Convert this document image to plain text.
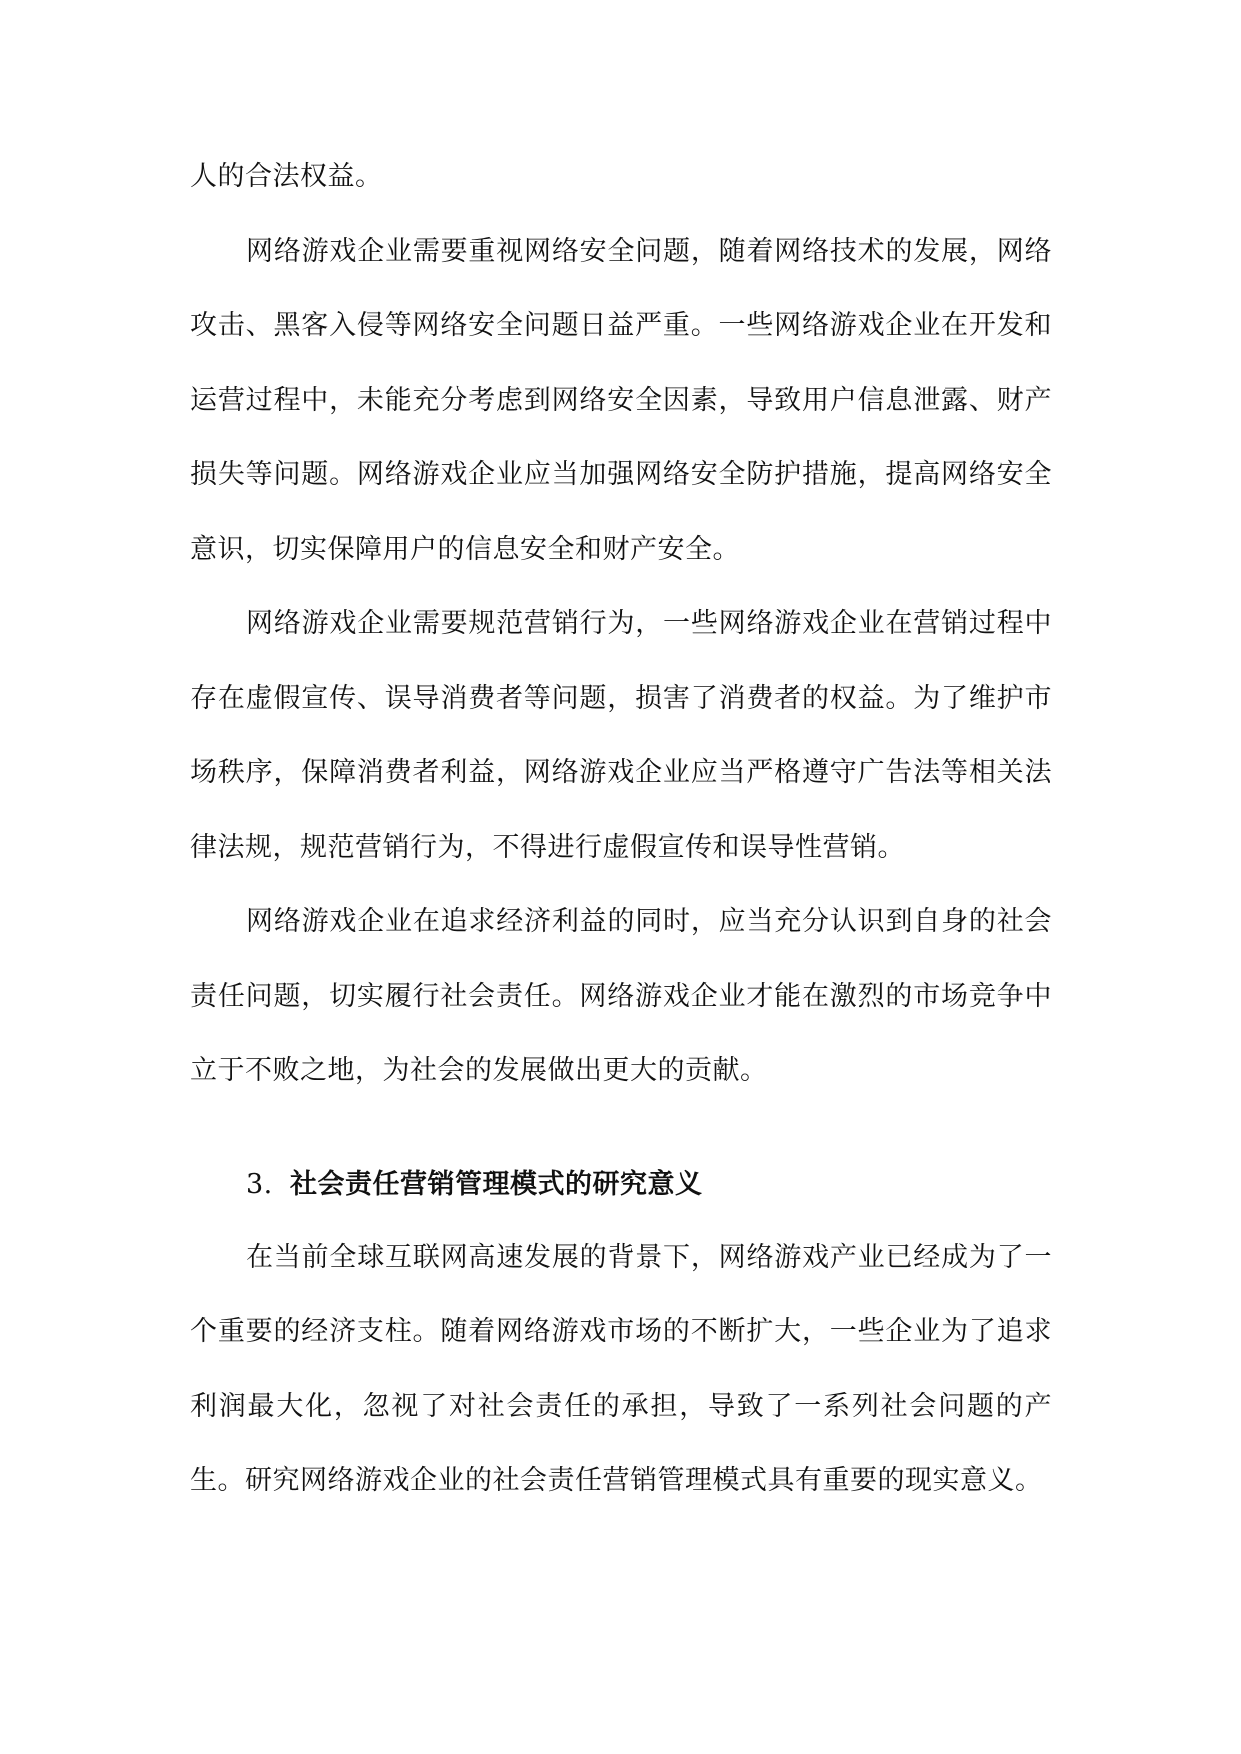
人的合法权益。

网络游戏企业需要重视网络安全问题，随着网络技术的发展，网络攻击、黑客入侵等网络安全问题日益严重。一些网络游戏企业在开发和运营过程中，未能充分考虑到网络安全因素，导致用户信息泄露、财产损失等问题。网络游戏企业应当加强网络安全防护措施，提高网络安全意识，切实保障用户的信息安全和财产安全。

网络游戏企业需要规范营销行为，一些网络游戏企业在营销过程中存在虚假宣传、误导消费者等问题，损害了消费者的权益。为了维护市场秩序，保障消费者利益，网络游戏企业应当严格遵守广告法等相关法律法规，规范营销行为，不得进行虚假宣传和误导性营销。

网络游戏企业在追求经济利益的同时，应当充分认识到自身的社会责任问题，切实履行社会责任。网络游戏企业才能在激烈的市场竞争中立于不败之地，为社会的发展做出更大的贡献。

3. 社会责任营销管理模式的研究意义

在当前全球互联网高速发展的背景下，网络游戏产业已经成为了一个重要的经济支柱。随着网络游戏市场的不断扩大，一些企业为了追求利润最大化，忽视了对社会责任的承担，导致了一系列社会问题的产生。研究网络游戏企业的社会责任营销管理模式具有重要的现实意义。
